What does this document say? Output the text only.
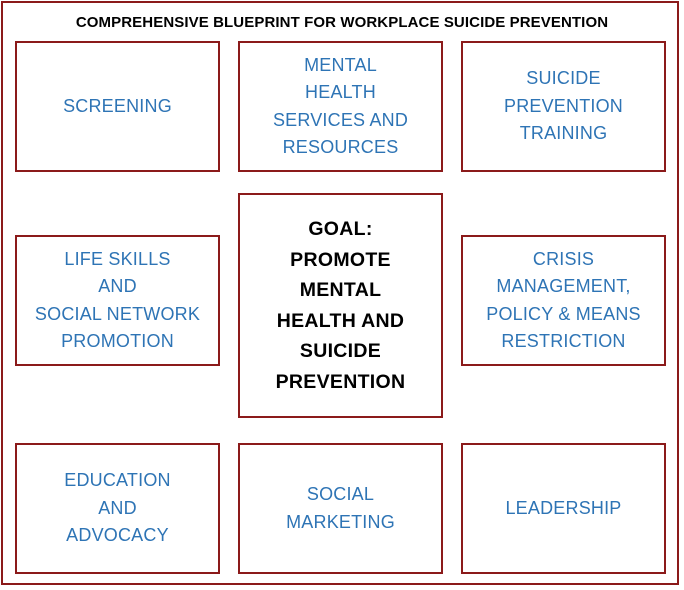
COMPREHENSIVE BLUEPRINT FOR WORKPLACE SUICIDE PREVENTION
SCREENING
MENTAL
HEALTH
SERVICES AND
RESOURCES
SUICIDE
PREVENTION
TRAINING
LIFE SKILLS
AND
SOCIAL NETWORK
PROMOTION
GOAL:
PROMOTE
MENTAL
HEALTH AND
SUICIDE
PREVENTION
CRISIS
MANAGEMENT,
POLICY & MEANS
RESTRICTION
EDUCATION
AND
ADVOCACY
SOCIAL
MARKETING
LEADERSHIP
